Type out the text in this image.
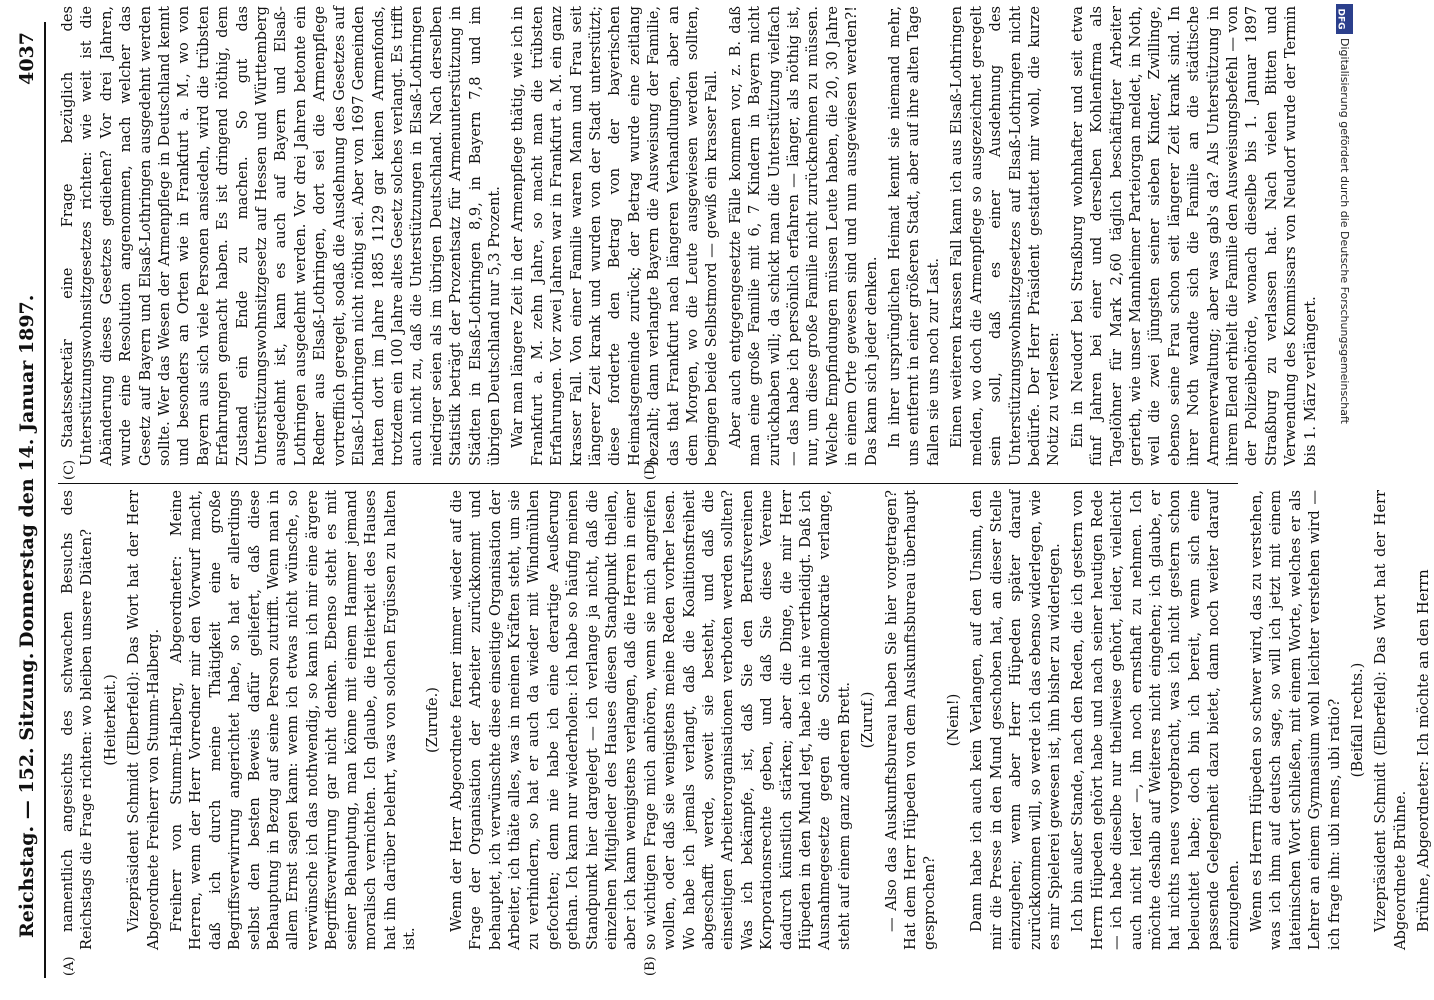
Reichstag. — 152. Sitzung.
Donnerstag den 14. Januar 1897.
4037
(A)	(B)
(C)	(D)

namentlich angesichts des schwachen Besuchs des Reichstags die Frage richten: wo bleiben unsere Diäten? (Heiterkeit.) Vizepräsident Schmidt (Elberfeld): Das Wort hat der Herr Abgeordnete Freiherr von Stumm-Halberg. Freiherr von Stumm-Halberg, Abgeordneter: Meine Herren, wenn der Herr Vorredner mir den Vorwurf macht, daß ich durch meine Thätigkeit eine große Begriffsverwirrung angerichtet habe, so hat er allerdings selbst den besten Beweis dafür geliefert, daß diese Behauptung in Bezug auf seine Person zutrifft. Wenn man in allem Ernst sagen kann: wenn ich etwas nicht wünsche, so verwünsche ich das nothwendig, so kann ich mir eine ärgere Begriffsverwirrung gar nicht denken. Ebenso steht es mit seiner Behauptung, man könne mit einem Hammer jemand moralisch vernichten. Ich glaube, die Heiterkeit des Hauses hat ihn darüber belehrt, was von solchen Ergüssen zu halten ist.

(Zurufe.) Wenn der Herr Abgeordnete ferner immer wieder auf die Frage der Organisation der Arbeiter zurückkommt und behauptet, ich verwünschte diese einseitige Organisation der Arbeiter, ich thäte alles, was in meinen Kräften steht, um sie zu verhindern, so hat er auch da wieder mit Windmühlen gefochten; denn nie habe ich eine derartige Aeußerung gethan. Ich kann nur wiederholen: ich habe so häufig meinen Standpunkt hier dargelegt — ich verlange ja nicht, daß die einzelnen Mitglieder des Hauses diesen Standpunkt theilen, aber ich kann wenigstens verlangen, daß die Herren in einer so wichtigen Frage mich anhören, wenn sie mich angreifen wollen, oder daß sie wenigstens meine Reden vorher lesen. Wo habe ich jemals verlangt, daß die Koalitionsfreiheit abgeschafft werde, soweit sie besteht, und daß die einseitigen Arbeiterorganisationen verboten werden sollten? Was ich bekämpfe, ist, daß Sie den Berufsvereinen Korporationsrechte geben, und daß Sie diese Vereine dadurch künstlich stärken; aber die Dinge, die mir Herr Hüpeden in den Mund legt, habe ich nie vertheidigt. Daß ich Ausnahmegesetze gegen die Sozialdemokratie verlange, steht auf einem ganz anderen Brett. (Zuruf.) — Also das Auskunftsbureau haben Sie hier vorgetragen? Hat dem Herr Hüpeden von dem Auskunftsbureau überhaupt gesprochen?

(Nein!) Dann habe ich auch kein Verlangen, auf den Unsinn, den mir die Presse in den Mund geschoben hat, an dieser Stelle einzugehen; wenn aber Herr Hüpeden später darauf zurückkommen will, so werde ich das ebenso widerlegen, wie es mir Spielerei gewesen ist, ihn bisher zu widerlegen. Ich bin außer Stande, nach den Reden, die ich gestern von Herrn Hüpeden gehört habe und nach seiner heutigen Rede — ich habe dieselbe nur theilweise gehört, leider, vielleicht auch nicht leider —, ihn noch ernsthaft zu nehmen. Ich möchte deshalb auf Weiteres nicht eingehen; ich glaube, er hat nichts neues vorgebracht, was ich nicht gestern schon beleuchtet habe; doch bin ich bereit, wenn sich eine passende Gelegenheit dazu bietet, dann noch weiter darauf einzugehen. Wenn es Herrn Hüpeden so schwer wird, das zu verstehen, was ich ihm auf deutsch sage, so will ich jetzt mit einem lateinischen Wort schließen, mit einem Worte, welches er als Lehrer an einem Gymnasium wohl leichter verstehen wird — ich frage ihn: ubi mens, ubi ratio? (Beifall rechts.) Vizepräsident Schmidt (Elberfeld): Das Wort hat der Herr Abgeordnete Brühne. Brühne, Abgeordneter: Ich möchte an den Herrn

Staatssekretär eine Frage bezüglich des Unterstützungswohnsitzgesetzes richten: wie weit ist die Abänderung dieses Gesetzes gediehen? Vor drei Jahren, wurde eine Resolution angenommen, nach welcher das Gesetz auf Bayern und Elsaß-Lothringen ausgedehnt werden sollte. Wer das Wesen der Armenpflege in Deutschland kennt und besonders an Orten wie in Frankfurt a. M., wo von Bayern aus sich viele Personen ansiedeln, wird die trübsten Erfahrungen gemacht haben. Es ist dringend nöthig, dem Zustand ein Ende zu machen. So gut das Unterstützungswohnsitzgesetz auf Hessen und Württemberg ausgedehnt ist, kann es auch auf Bayern und Elsaß-Lothringen ausgedehnt werden. Vor drei Jahren betonte ein Redner aus Elsaß-Lothringen, dort sei die Armenpflege vortrefflich geregelt, sodaß die Ausdehnung des Gesetzes auf Elsaß-Lothringen nicht nöthig sei. Aber von 1697 Gemeinden hatten dort im Jahre 1885 1129 gar keinen Armenfonds, trotzdem ein 100 Jahre altes Gesetz solches verlangt. Es trifft auch nicht zu, daß die Unterstützungen in Elsaß-Lothringen niedriger seien als im übrigen Deutschland. Nach derselben Statistik beträgt der Prozentsatz für Armenunterstützung in Städten in Elsaß-Lothringen 8,9, in Bayern 7,8 und im übrigen Deutschland nur 5,3 Prozent. War man längere Zeit in der Armenpflege thätig, wie ich in Frankfurt a. M. zehn Jahre, so macht man die trübsten Erfahrungen. Vor zwei Jahren war in Frankfurt a. M. ein ganz krasser Fall. Von einer Familie waren Mann und Frau seit längerer Zeit krank und wurden von der Stadt unterstützt; diese forderte den Betrag von der bayerischen Heimatsgemeinde zurück; der Betrag wurde eine zeitlang bezahlt; dann verlangte Bayern die Ausweisung der Familie, das that Frankfurt nach längeren Verhandlungen, aber an dem Morgen, wo die Leute ausgewiesen werden sollten, begingen beide Selbstmord — gewiß ein krasser Fall. Aber auch entgegengesetzte Fälle kommen vor, z. B. daß man eine große Familie mit 6, 7 Kindern in Bayern nicht zurückhaben will; da schickt man die Unterstützung vielfach — das habe ich persönlich erfahren — länger, als nöthig ist, nur, um diese große Familie nicht zurücknehmen zu müssen. Welche Empfindungen müssen Leute haben, die 20, 30 Jahre in einem Orte gewesen sind und nun ausgewiesen werden?! Das kann sich jeder denken. In ihrer ursprünglichen Heimat kennt sie niemand mehr, uns entfernt in einer größeren Stadt, aber auf ihre alten Tage fallen sie uns noch zur Last. Einen weiteren krassen Fall kann ich aus Elsaß-Lothringen melden, wo doch die Armenpflege so ausgezeichnet geregelt sein soll, daß es einer Ausdehnung des Unterstützungswohnsitzgesetzes auf Elsaß-Lothringen nicht bedürfe. Der Herr Präsident gestattet mir wohl, die kurze Notiz zu verlesen: Ein in Neudorf bei Straßburg wohnhafter und seit etwa fünf Jahren bei einer und derselben Kohlenfirma als Tagelöhner für Mark 2,60 täglich beschäftigter Arbeiter gerieth, wie unser Mannheimer Parteiorgan meldet, in Noth, weil die zwei jüngsten seiner sieben Kinder, Zwillinge, ebenso seine Frau schon seit längerer Zeit krank sind. In ihrer Noth wandte sich die Familie an die städtische Armenverwaltung; aber was gab's da? Als Unterstützung in ihrem Elend erhielt die Familie den Ausweisungsbefehl — von der Polizeibehörde, wonach dieselbe bis 1. Januar 1897 Straßburg zu verlassen hat. Nach vielen Bitten und Verwendung des Kommissars von Neudorf wurde der Termin bis 1. März verlängert.

DFG
Digitalisierung gefördert durch die Deutsche Forschungsgemeinschaft
